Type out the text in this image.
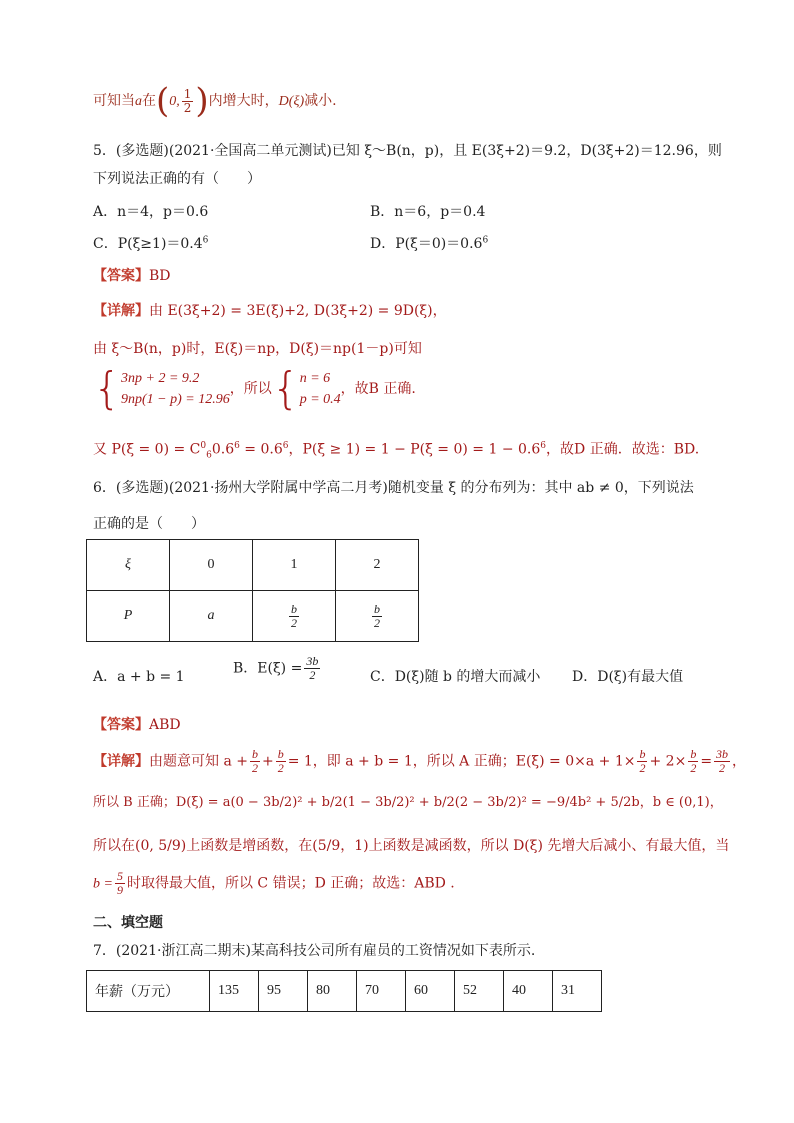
可知当a在(0, $\frac{1}{2}$ )内增大时，D(ξ)减小.
5．(多选题)(2021·全国高二单元测试)已知 ξ～B(n，p)，且 E(3ξ+2)＝9.2，D(3ξ+2)＝12.96，则
下列说法正确的有（　　）
A．n＝4，p＝0.6	B．n＝6，p＝0.4
C．$P(\xi\ge 1)=0.4^6$	D．$P(\xi=0)=0.6^6$
【答案】BD
【详解】由 E(3ξ+2) = 3E(ξ)+2, D(3ξ+2) = 9D(ξ)，
由 ξ～B(n，p)时，E(ξ)＝np，D(ξ)＝np(1－p)可知
{ 3np + 2 = 9.2
9np(1 − p) = 12.96
，所以{ n = 6
p = 0.4
，故B 正确.
又 $P(\xi = 0) = C^0_60.6^6 = 0.6^6$，$P(\xi \ge 1) = 1 - P(\xi = 0) = 1 - 0.6^6$，故D 正确．故选：BD.
6．(多选题)(2021·扬州大学附属中学高二月考)随机变量 ξ 的分布列为：其中 ab ≠ 0，下列说法
正确的是（　　）
ξ	0	1	2
P	a	$\frac{b}{2}$	$\frac{b}{2}$
A．a + b = 1
B．$E(\xi) = \frac{3b}{2}$	C．D(ξ)随 b 的增大而减小 D．D(ξ)有最大值
【答案】ABD
【详解】由题意可知 $a + \frac{b}{2} + \frac{b}{2} = 1$，即 a + b = 1，所以 A 正确；$E(\xi) = 0\times a + 1\times \frac{b}{2} + 2\times \frac{b}{2} = \frac{3b}{2}$ ，
所以 B 正确；D(ξ) = a(0 − 3b/2)² + b/2(1 − 3b/2)² + b/2(2 − 3b/2)² = −9/4b² + 5/2b，b ∈ (0,1)，
所以在(0, 5/9)上函数是增函数，在(5/9，1)上函数是减函数，所以 D(ξ) 先增大后减小、有最大值，当
$b = \frac{5}{9}$ 时取得最大值，所以 C 错误；D 正确；故选：ABD .
二、填空题
7．(2021·浙江高二期末)某高科技公司所有雇员的工资情况如下表所示.
年薪（万元）	135	95	80	70	60	52	40	31
